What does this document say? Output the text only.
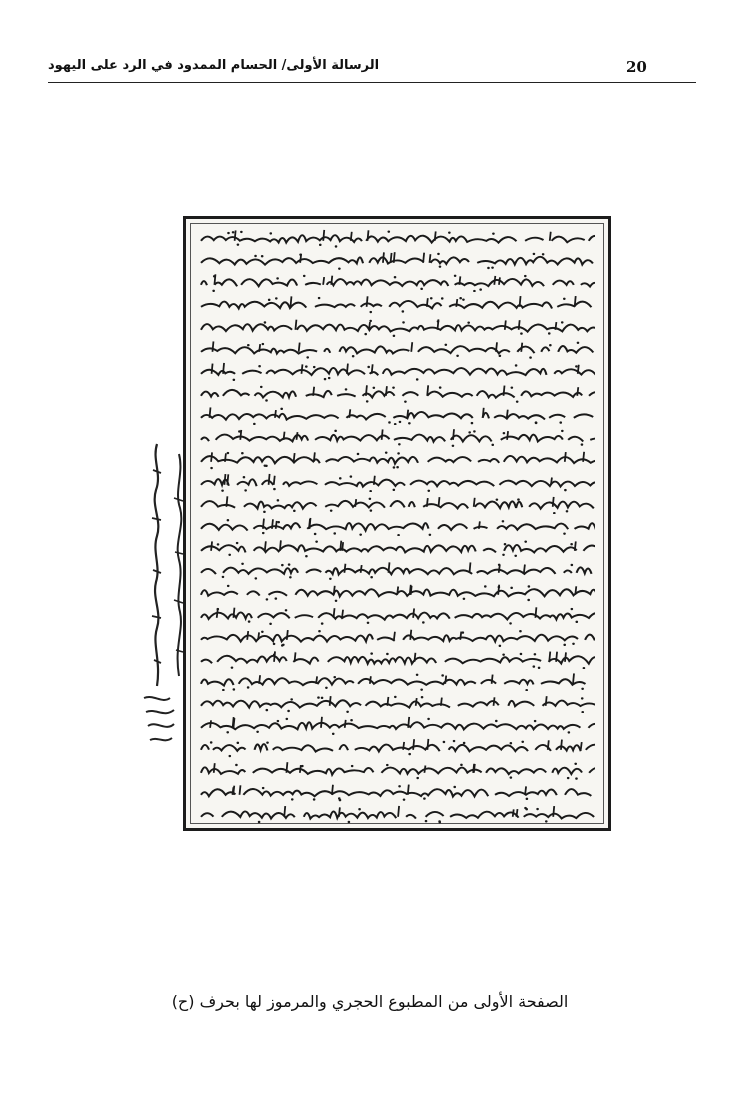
الرسالة الأولى/ الحسام الممدود في الرد على اليهود	20
الصفحة الأولى من المطبوع الحجري والمرموز لها بحرف (ح)
